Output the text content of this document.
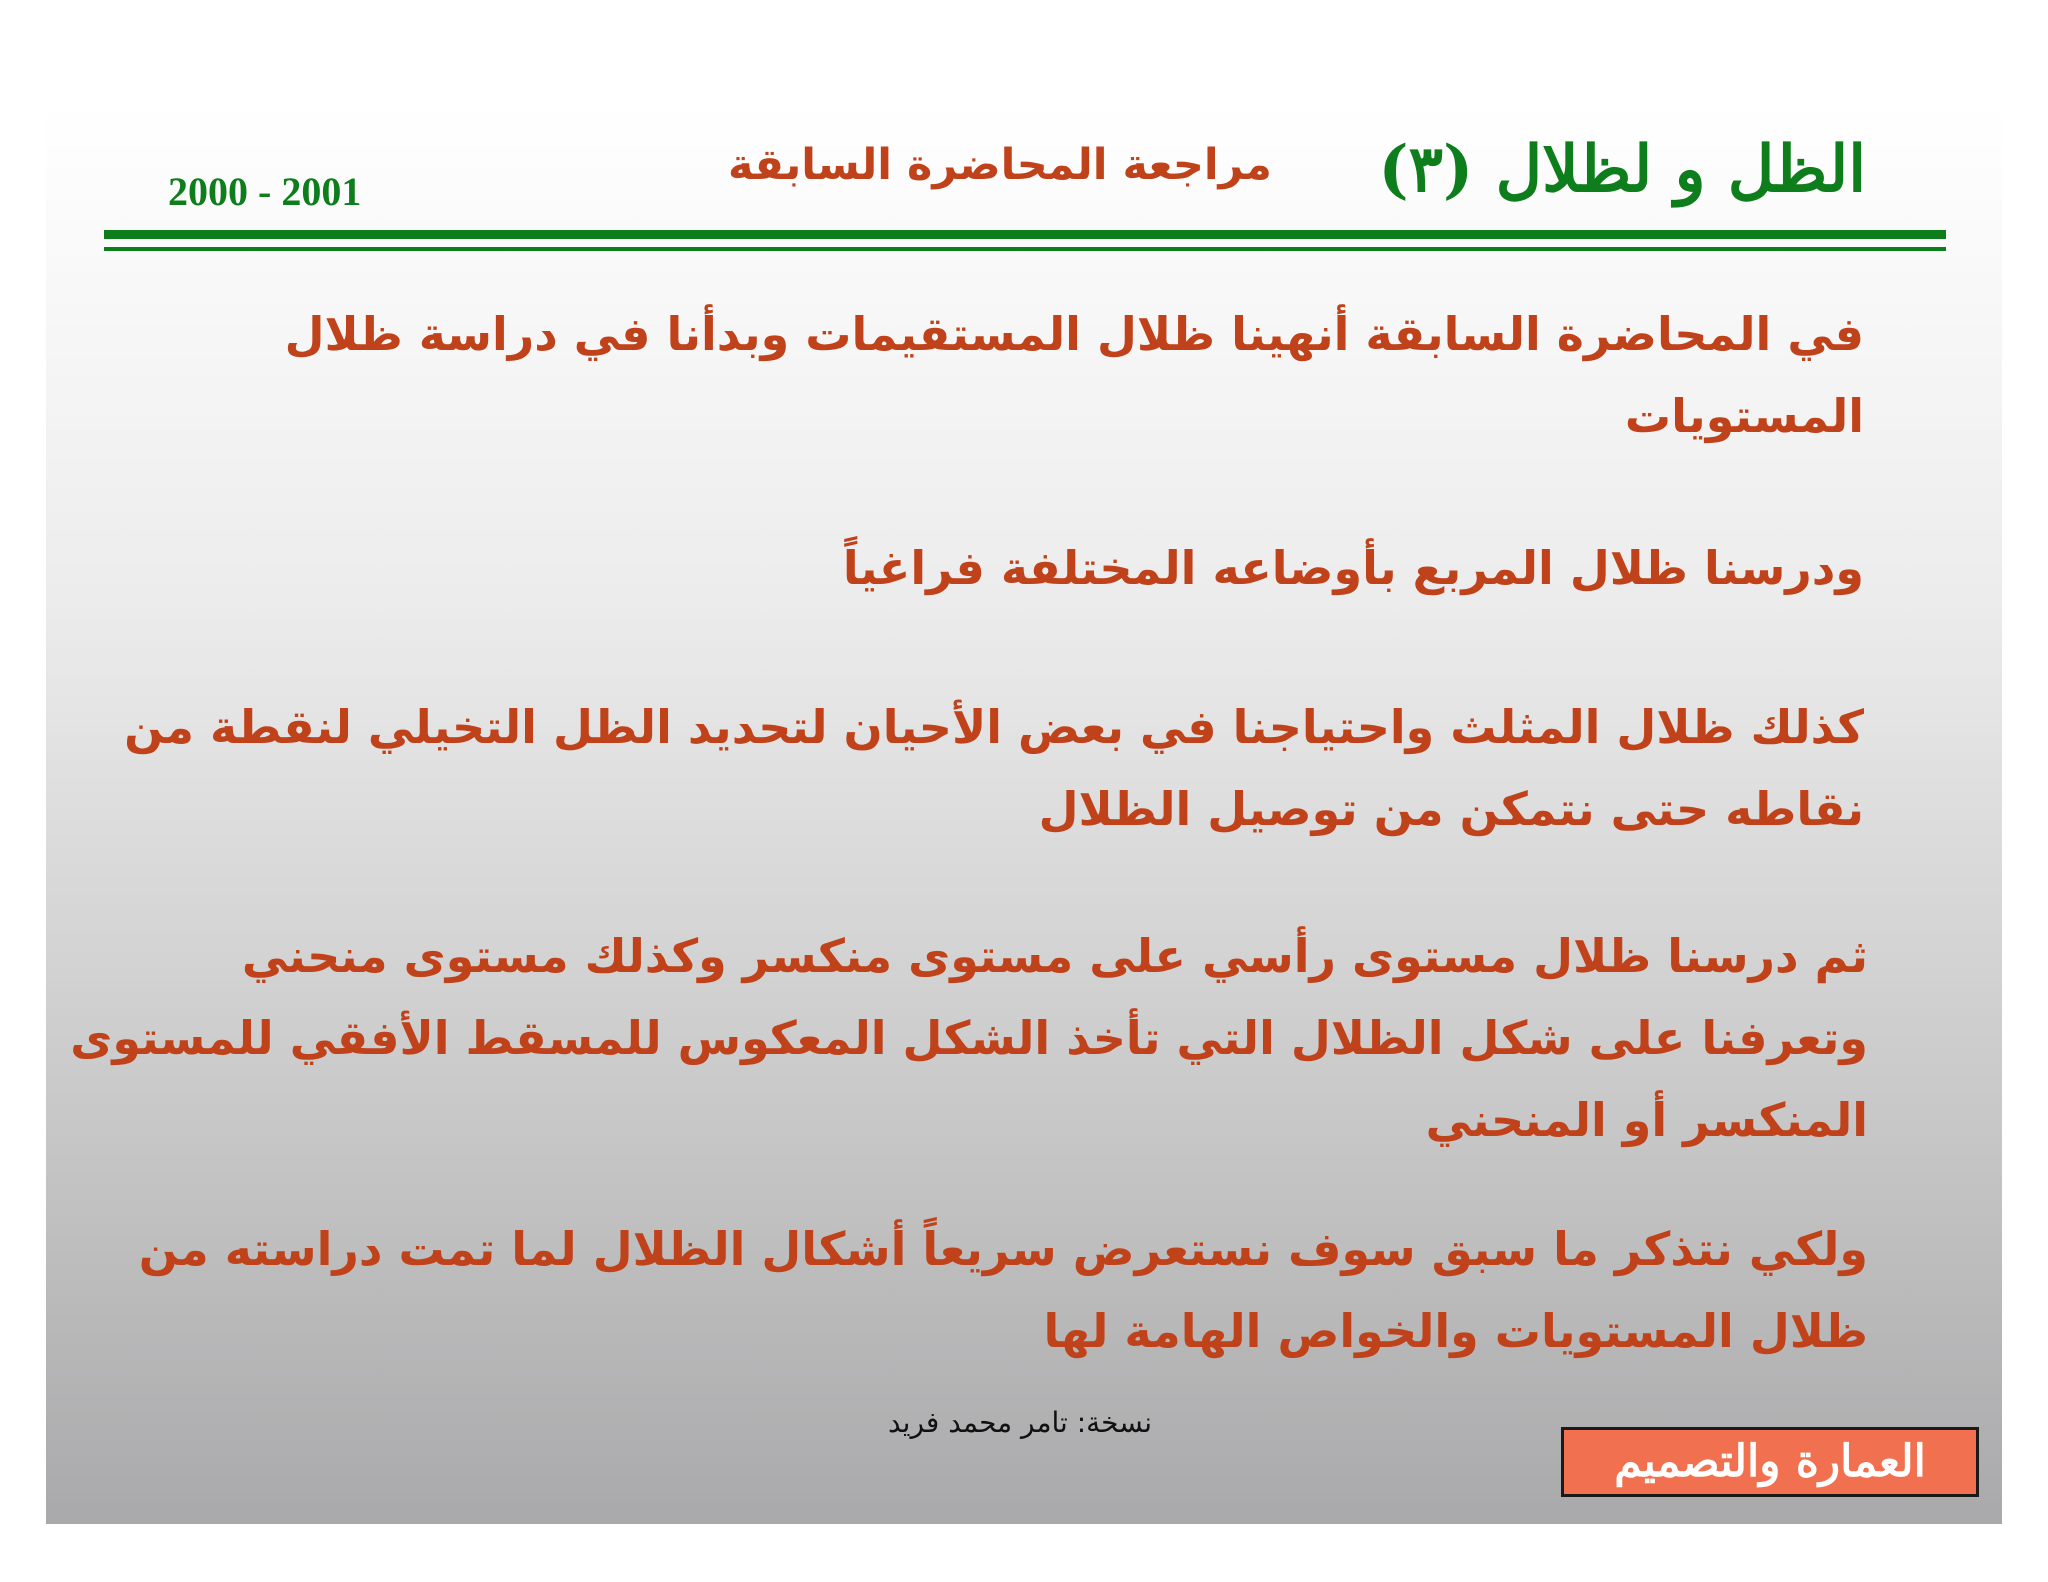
الظل و لظلال (٣)
مراجعة المحاضرة السابقة
2000 - 2001

في المحاضرة السابقة أنهينا ظلال المستقيمات وبدأنا في دراسة ظلال
المستويات

ودرسنا ظلال المربع بأوضاعه المختلفة فراغياً

كذلك ظلال المثلث واحتياجنا في بعض الأحيان لتحديد الظل التخيلي لنقطة من
نقاطه حتى نتمكن من توصيل الظلال

ثم درسنا ظلال مستوى رأسي على مستوى منكسر وكذلك مستوى منحني
وتعرفنا على شكل الظلال التي تأخذ الشكل المعكوس للمسقط الأفقي للمستوى
المنكسر أو المنحني

ولكي نتذكر ما سبق سوف نستعرض سريعاً أشكال الظلال لما تمت دراسته من
ظلال المستويات والخواص الهامة لها

نسخة: تامر محمد فريد
العمارة والتصميم
